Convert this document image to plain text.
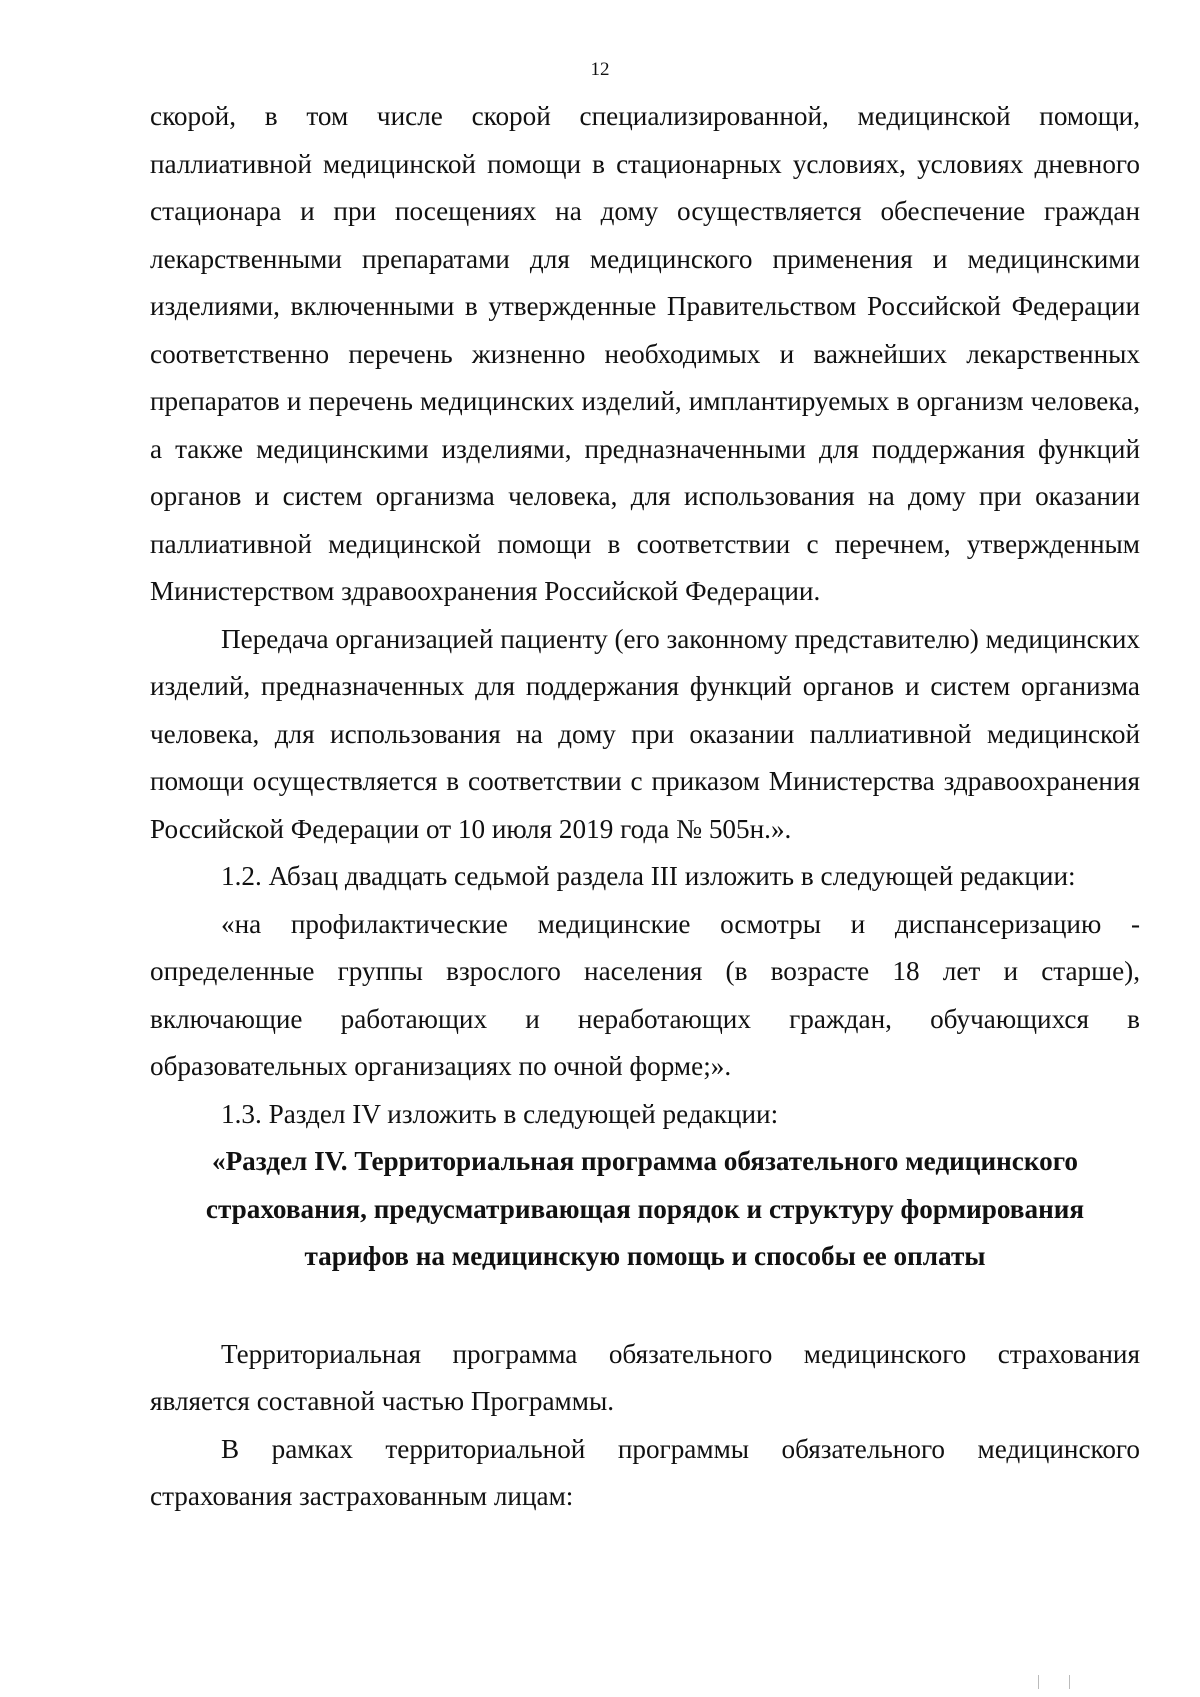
12

скорой, в том числе скорой специализированной, медицинской помощи, паллиативной медицинской помощи в стационарных условиях, условиях дневного стационара и при посещениях на дому осуществляется обеспечение граждан лекарственными препаратами для медицинского применения и медицинскими изделиями, включенными в утвержденные Правительством Российской Федерации соответственно перечень жизненно необходимых и важнейших лекарственных препаратов и перечень медицинских изделий, имплантируемых в организм человека, а также медицинскими изделиями, предназначенными для поддержания функций органов и систем организма человека, для использования на дому при оказании паллиативной медицинской помощи в соответствии с перечнем, утвержденным Министерством здравоохранения Российской Федерации.

Передача организацией пациенту (его законному представителю) медицинских изделий, предназначенных для поддержания функций органов и систем организма человека, для использования на дому при оказании паллиативной медицинской помощи осуществляется в соответствии с приказом Министерства здравоохранения Российской Федерации от 10 июля 2019 года № 505н.».

1.2. Абзац двадцать седьмой раздела III изложить в следующей редакции:

«на профилактические медицинские осмотры и диспансеризацию - определенные группы взрослого населения (в возрасте 18 лет и старше), включающие работающих и неработающих граждан, обучающихся в образовательных организациях по очной форме;».

1.3. Раздел IV изложить в следующей редакции:

«Раздел IV. Территориальная программа обязательного медицинского страхования, предусматривающая порядок и структуру формирования тарифов на медицинскую помощь и способы ее оплаты

Территориальная программа обязательного медицинского страхования является составной частью Программы.

В рамках территориальной программы обязательного медицинского страхования застрахованным лицам:
